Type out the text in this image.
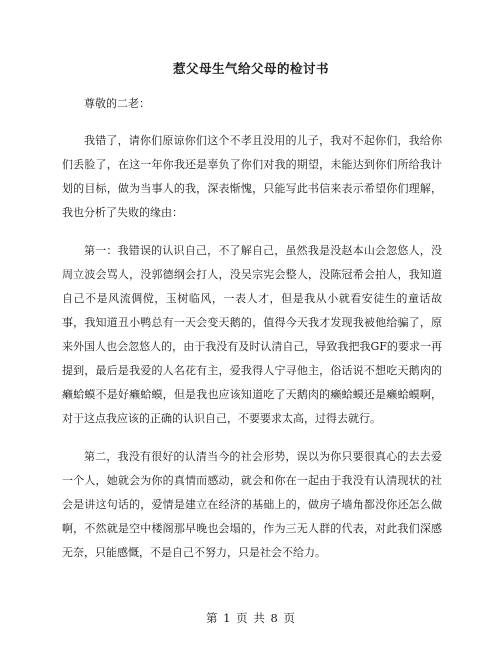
惹父母生气给父母的检讨书

尊敬的二老：

我错了，请你们原谅你们这个不孝且没用的儿子，我对不起你们，我给你们丢脸了，在这一年你我还是辜负了你们对我的期望，未能达到你们所给我计划的目标，做为当事人的我，深表惭愧，只能写此书信来表示希望你们理解，我也分析了失败的缘由：

第一：我错误的认识自己，不了解自己，虽然我是没赵本山会忽悠人，没周立波会骂人，没郭德纲会打人，没吴宗宪会整人，没陈冠希会拍人，我知道自己不是风流倜傥，玉树临风，一表人才，但是我从小就看安徒生的童话故事，我知道丑小鸭总有一天会变天鹅的，值得今天我才发现我被他给骗了，原来外国人也会忽悠人的，由于我没有及时认清自己，导致我把我GF的要求一再提到，最后是我爱的人名花有主，爱我得人宁寻他主，俗话说不想吃天鹅肉的癞蛤蟆不是好癞蛤蟆，但是我也应该知道吃了天鹅肉的癞蛤蟆还是癞蛤蟆啊，对于这点我应该的正确的认识自己，不要要求太高，过得去就行。

第二，我没有很好的认清当今的社会形势，误以为你只要很真心的去去爱一个人，她就会为你的真情而感动，就会和你在一起由于我没有认清现状的社会是讲这句话的，爱情是建立在经济的基础上的，做房子墙角都没你还怎么做啊，不然就是空中楼阁那早晚也会塌的，作为三无人群的代表，对此我们深感无奈，只能感慨，不是自己不努力，只是社会不给力。

第 1 页 共 8 页
